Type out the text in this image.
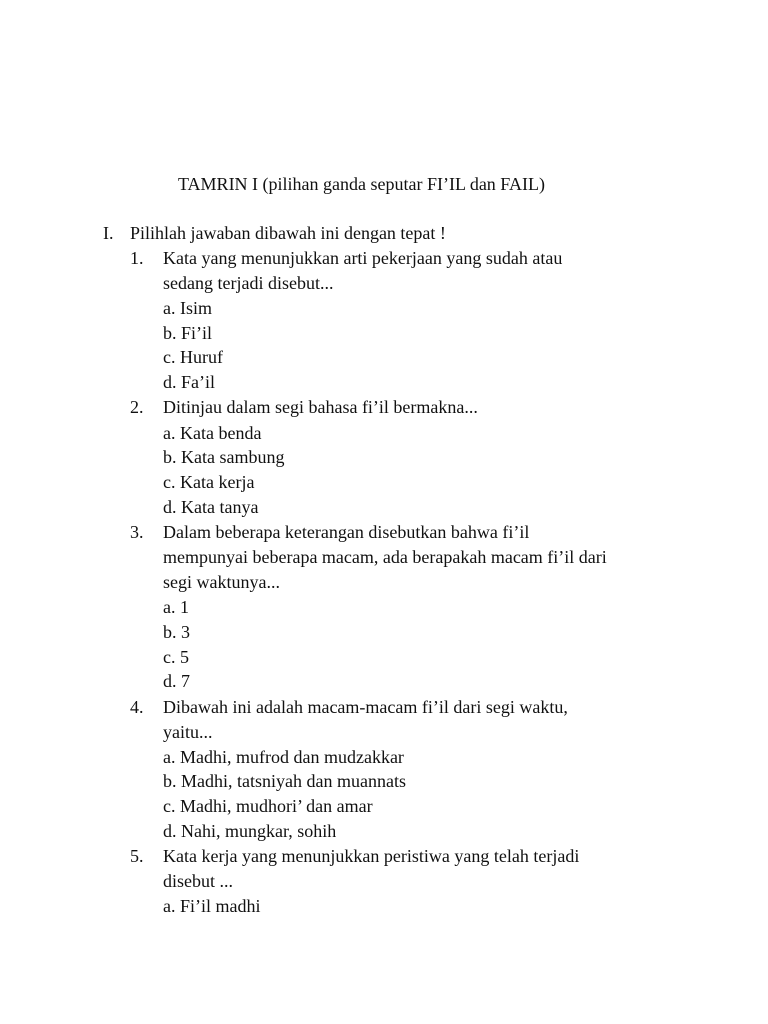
TAMRIN I (pilihan ganda seputar FI’IL dan FAIL)
I. Pilihlah jawaban dibawah ini dengan tepat !
1. Kata yang menunjukkan arti pekerjaan yang sudah atau
sedang terjadi disebut...
a. Isim
b. Fi’il
c. Huruf
d. Fa’il
2. Ditinjau dalam segi bahasa fi’il bermakna...
a. Kata benda
b. Kata sambung
c. Kata kerja
d. Kata tanya
3. Dalam beberapa keterangan disebutkan bahwa fi’il
mempunyai beberapa macam, ada berapakah macam fi’il dari
segi waktunya...
a. 1
b. 3
c. 5
d. 7
4. Dibawah ini adalah macam-macam fi’il dari segi waktu,
yaitu...
a. Madhi, mufrod dan mudzakkar
b. Madhi, tatsniyah dan muannats
c. Madhi, mudhori’ dan amar
d. Nahi, mungkar, sohih
5. Kata kerja yang menunjukkan peristiwa yang telah terjadi
disebut ...
a. Fi’il madhi
